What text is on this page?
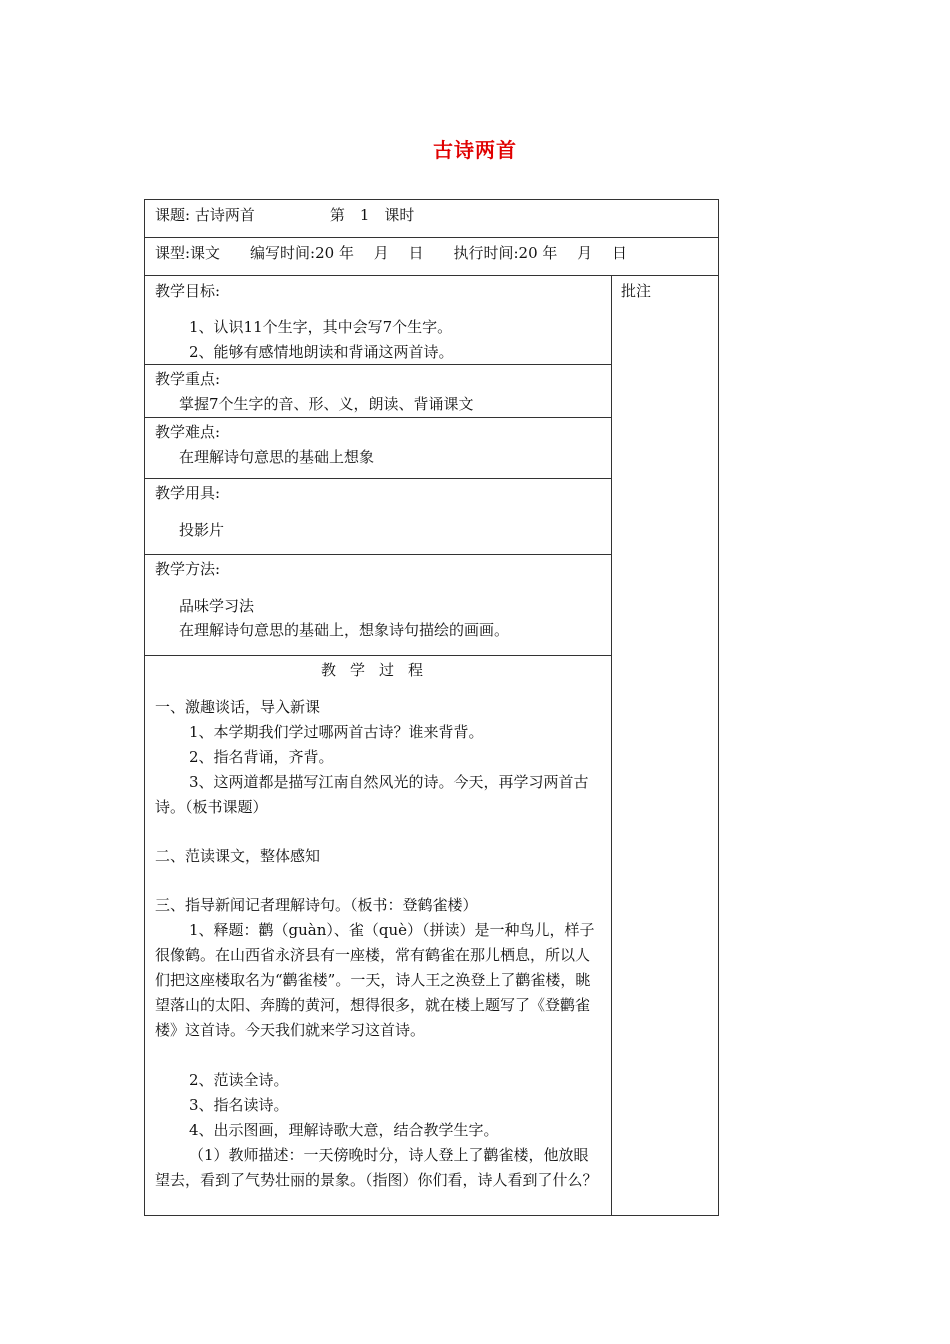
古诗两首
课题: 古诗两首　　　　　第　1　课时
课型:课文　　编写时间:20 年　 月　 日　　执行时间:20 年　 月　 日
批注
教学目标:
1、认识11个生字，其中会写7个生字。
2、能够有感情地朗读和背诵这两首诗。
教学重点:
掌握7个生字的音、形、义，朗读、背诵课文
教学难点:
在理解诗句意思的基础上想象
教学用具:
投影片
教学方法:
品味学习法
在理解诗句意思的基础上，想象诗句描绘的画画。
教学过程
一、激趣谈话，导入新课
1、本学期我们学过哪两首古诗？谁来背背。
2、指名背诵，齐背。
3、这两道都是描写江南自然风光的诗。今天，再学习两首古诗。（板书课题）
二、范读课文，整体感知
三、指导新闻记者理解诗句。（板书：登鹤雀楼）
1、释题：鹳（guàn）、雀（què）（拼读）是一种鸟儿，样子很像鹤。在山西省永济县有一座楼，常有鹤雀在那儿栖息，所以人们把这座楼取名为“鹳雀楼”。一天，诗人王之涣登上了鹳雀楼，眺望落山的太阳、奔腾的黄河，想得很多，就在楼上题写了《登鹳雀楼》这首诗。今天我们就来学习这首诗。
2、范读全诗。
3、指名读诗。
4、出示图画，理解诗歌大意，结合教学生字。
（1）教师描述：一天傍晚时分，诗人登上了鹳雀楼，他放眼望去，看到了气势壮丽的景象。（指图）你们看，诗人看到了什么？
